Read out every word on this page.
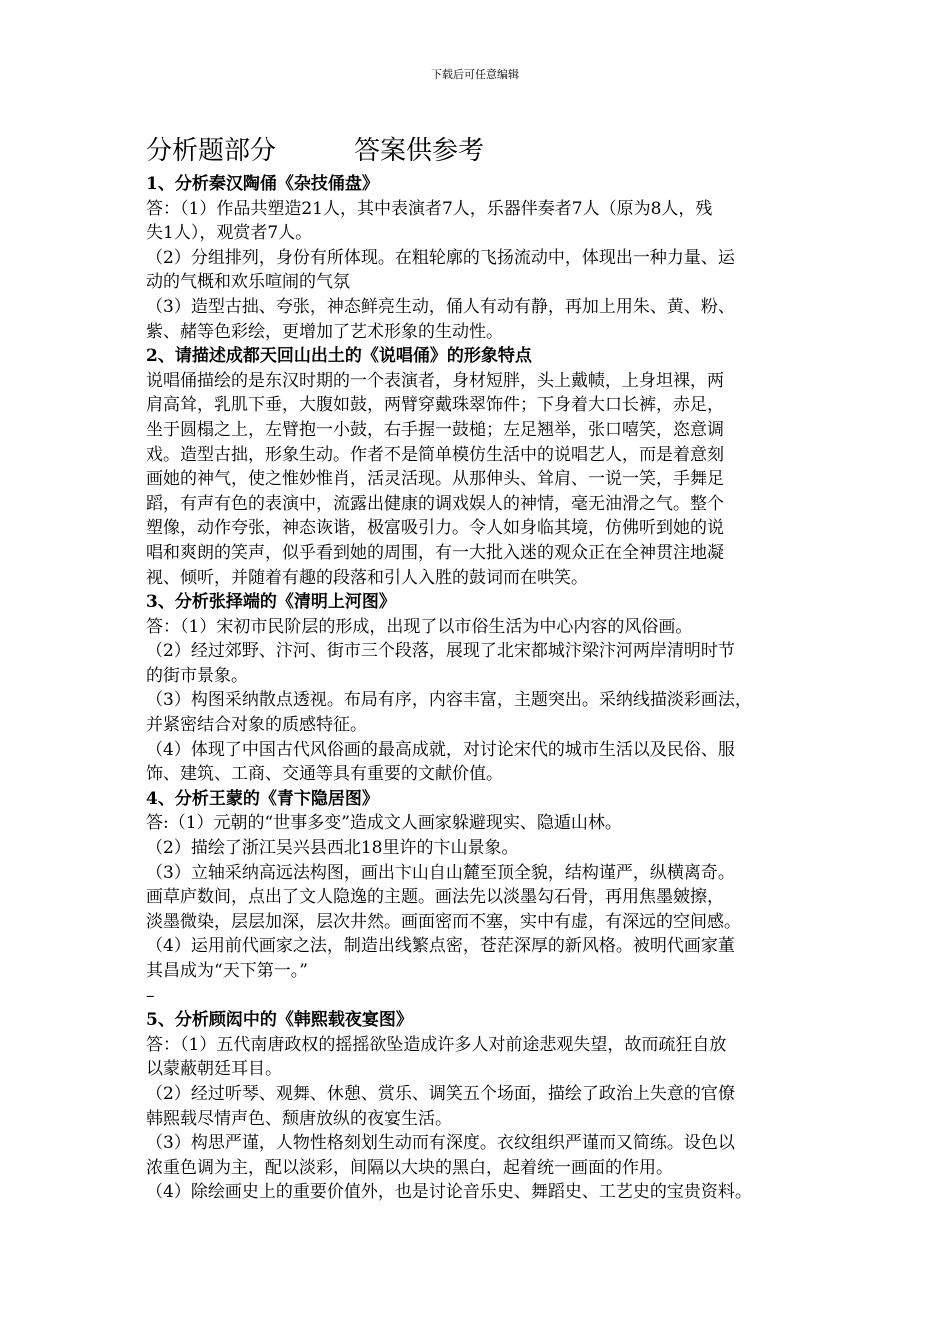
下载后可任意编辑
分析题部分　　　答案供参考
1、分析秦汉陶俑《杂技俑盘》
答：（1）作品共塑造21人，其中表演者7人，乐器伴奏者7人（原为8人，残
失1人），观赏者7人。
（2）分组排列，身份有所体现。在粗轮廓的飞扬流动中，体现出一种力量、运
动的气概和欢乐喧闹的气氛
（3）造型古拙、夸张，神态鲜亮生动，俑人有动有静，再加上用朱、黄、粉、
紫、赭等色彩绘，更增加了艺术形象的生动性。
2、请描述成都天回山出土的《说唱俑》的形象特点
说唱俑描绘的是东汉时期的一个表演者，身材短胖，头上戴帻，上身坦裸，两
肩高耸，乳肌下垂，大腹如鼓，两臂穿戴珠翠饰件；下身着大口长裤，赤足，
坐于圆榻之上，左臂抱一小鼓，右手握一鼓槌；左足翘举，张口嘻笑，恣意调
戏。造型古拙，形象生动。作者不是简单模仿生活中的说唱艺人，而是着意刻
画她的神气，使之惟妙惟肖，活灵活现。从那伸头、耸肩、一说一笑，手舞足
蹈，有声有色的表演中，流露出健康的调戏娱人的神情，毫无油滑之气。整个
塑像，动作夸张，神态诙谐，极富吸引力。令人如身临其境，仿佛听到她的说
唱和爽朗的笑声，似乎看到她的周围，有一大批入迷的观众正在全神贯注地凝
视、倾听，并随着有趣的段落和引人入胜的鼓词而在哄笑。
3、分析张择端的《清明上河图》
答：（1）宋初市民阶层的形成，出现了以市俗生活为中心内容的风俗画。
（2）经过郊野、汴河、街市三个段落，展现了北宋都城汴梁汴河两岸清明时节
的街市景象。
（3）构图采纳散点透视。布局有序，内容丰富，主题突出。采纳线描淡彩画法，
并紧密结合对象的质感特征。
（4）体现了中国古代风俗画的最高成就，对讨论宋代的城市生活以及民俗、服
饰、建筑、工商、交通等具有重要的文献价值。
4、分析王蒙的《青卞隐居图》
答:（1）元朝的“世事多变”造成文人画家躲避现实、隐遁山林。
（2）描绘了浙江吴兴县西北18里许的卞山景象。
（3）立轴采纳高远法构图，画出卞山自山麓至顶全貌，结构谨严，纵横离奇。
画草庐数间，点出了文人隐逸的主题。画法先以淡墨勾石骨，再用焦墨皴擦，
淡墨微染，层层加深，层次井然。画面密而不塞，实中有虚，有深远的空间感。
（4）运用前代画家之法，制造出线繁点密，苍茫深厚的新风格。被明代画家董
其昌成为“天下第一。”
–
5、分析顾闳中的《韩熙载夜宴图》
答：（1）五代南唐政权的摇摇欲坠造成许多人对前途悲观失望，故而疏狂自放
以蒙蔽朝廷耳目。
（2）经过听琴、观舞、休憩、赏乐、调笑五个场面，描绘了政治上失意的官僚
韩熙载尽情声色、颓唐放纵的夜宴生活。
（3）构思严谨，人物性格刻划生动而有深度。衣纹组织严谨而又简练。设色以
浓重色调为主，配以淡彩，间隔以大块的黑白，起着统一画面的作用。
（4）除绘画史上的重要价值外，也是讨论音乐史、舞蹈史、工艺史的宝贵资料。
